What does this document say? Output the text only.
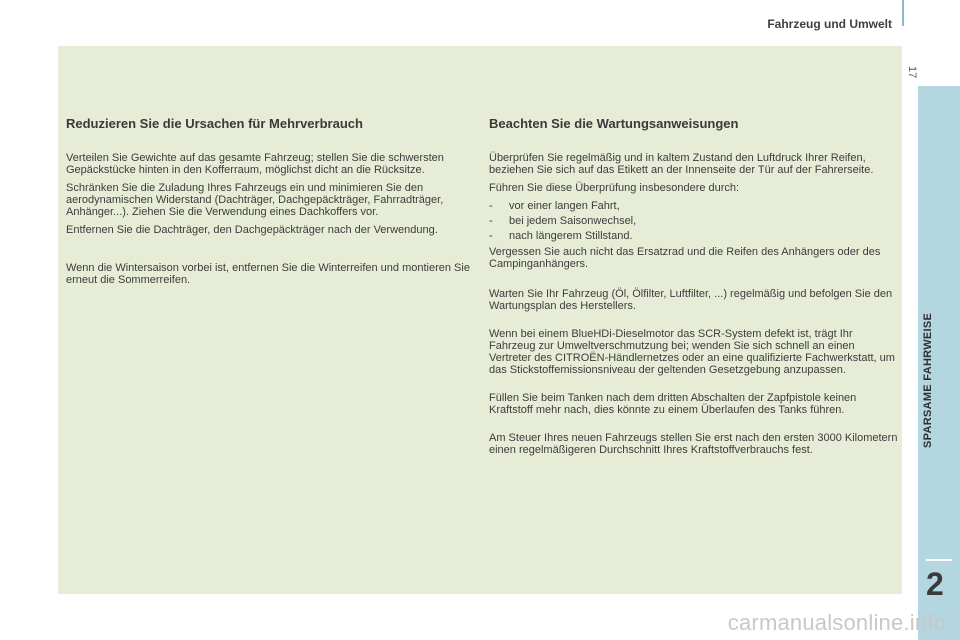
Fahrzeug und Umwelt
17
Reduzieren Sie die Ursachen für Mehrverbrauch

Verteilen Sie Gewichte auf das gesamte Fahrzeug; stellen Sie die schwersten Gepäckstücke hinten in den Kofferraum, möglichst dicht an die Rücksitze.

Schränken Sie die Zuladung Ihres Fahrzeugs ein und minimieren Sie den aerodynamischen Widerstand (Dachträger, Dachgepäckträger, Fahrradträger, Anhänger...). Ziehen Sie die Verwendung eines Dachkoffers vor.

Entfernen Sie die Dachträger, den Dachgepäckträger nach der Verwendung.

Wenn die Wintersaison vorbei ist, entfernen Sie die Winterreifen und montieren Sie erneut die Sommerreifen.

Beachten Sie die Wartungsanweisungen

Überprüfen Sie regelmäßig und in kaltem Zustand den Luftdruck Ihrer Reifen, beziehen Sie sich auf das Etikett an der Innenseite der Tür auf der Fahrerseite.

Führen Sie diese Überprüfung insbesondere durch:

- vor einer langen Fahrt,
- bei jedem Saisonwechsel,
- nach längerem Stillstand.

Vergessen Sie auch nicht das Ersatzrad und die Reifen des Anhängers oder des Campinganhängers.

Warten Sie Ihr Fahrzeug (Öl, Ölfilter, Luftfilter, ...) regelmäßig und befolgen Sie den Wartungsplan des Herstellers.

Wenn bei einem BlueHDi-Dieselmotor das SCR-System defekt ist, trägt Ihr Fahrzeug zur Umweltverschmutzung bei; wenden Sie sich schnell an einen Vertreter des CITROËN-Händlernetzes oder an eine qualifizierte Fachwerkstatt, um das Stickstoffemissionsniveau der geltenden Gesetzgebung anzupassen.

Füllen Sie beim Tanken nach dem dritten Abschalten der Zapfpistole keinen Kraftstoff mehr nach, dies könnte zu einem Überlaufen des Tanks führen.

Am Steuer Ihres neuen Fahrzeugs stellen Sie erst nach den ersten 3000 Kilometern einen regelmäßigeren Durchschnitt Ihres Kraftstoffverbrauchs fest.

SPARSAME FAHRWEISE
2
carmanualsonline.info
